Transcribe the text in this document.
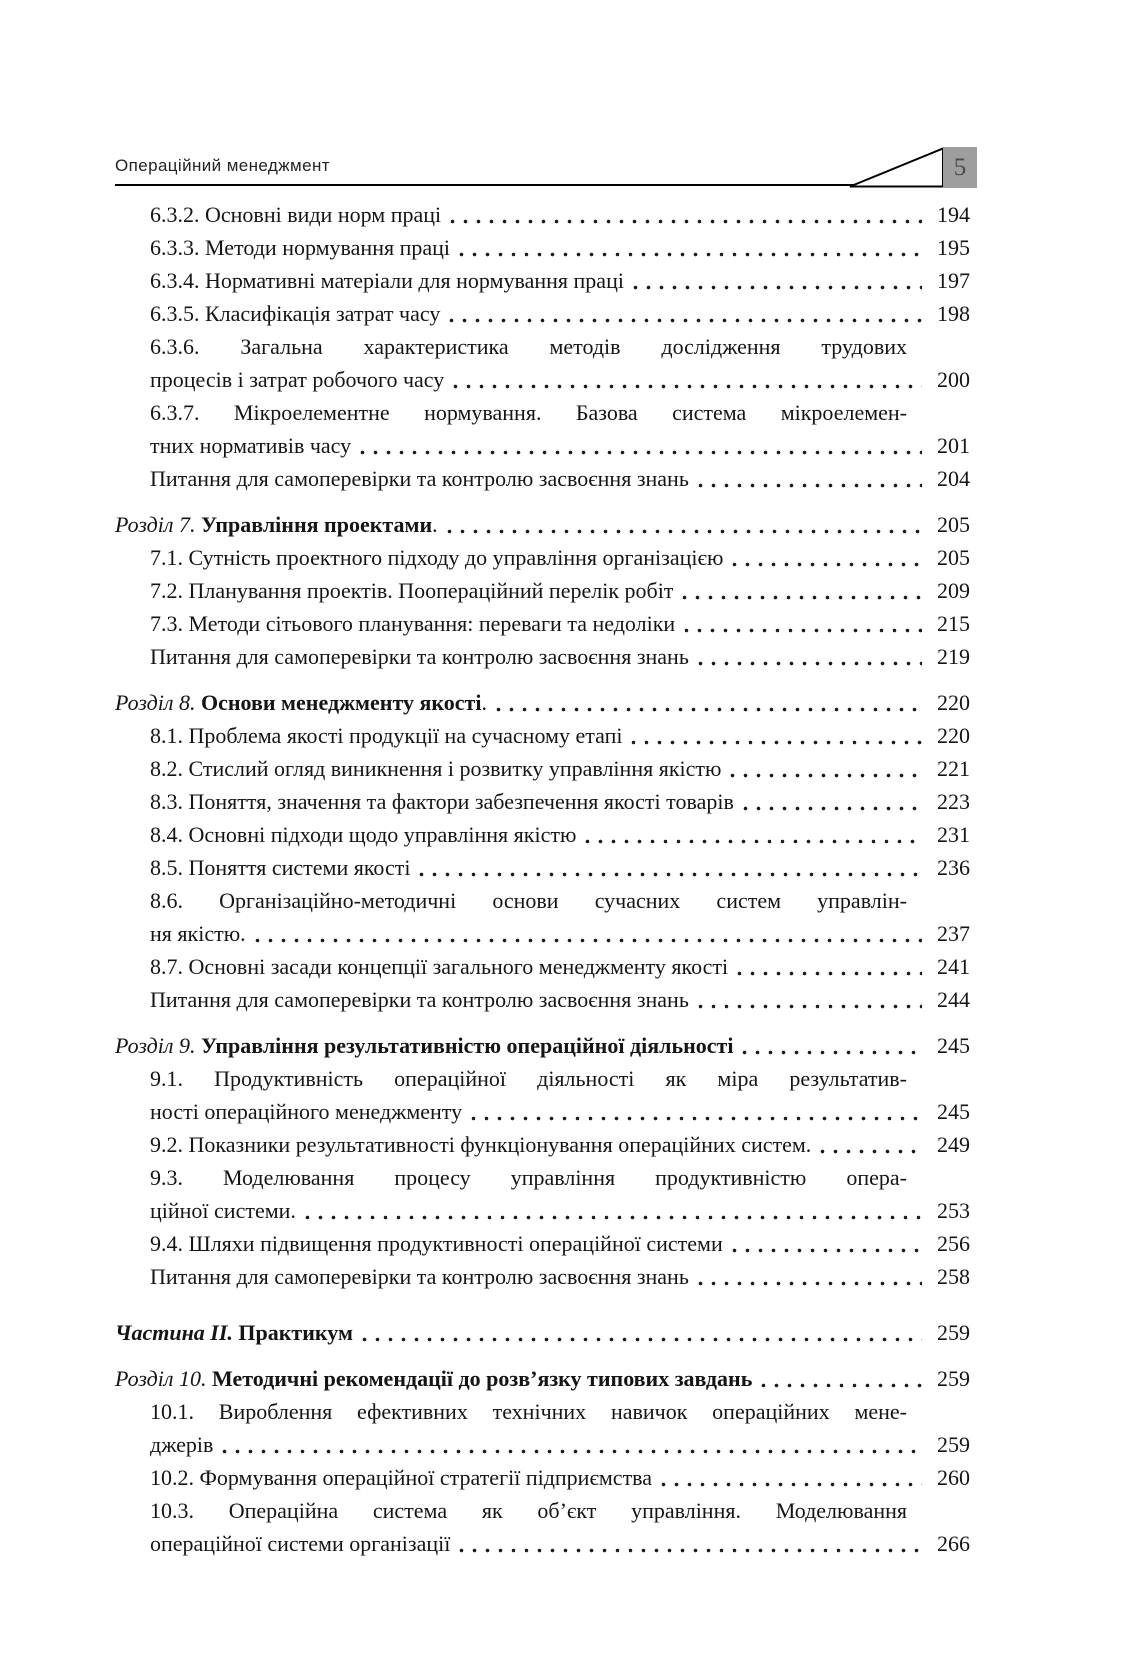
Операційний менеджмент	5
6.3.2. Основні види норм праці	194
6.3.3. Методи нормування праці	195
6.3.4. Нормативні матеріали для нормування праці	197
6.3.5. Класифікація затрат часу	198
6.3.6. Загальна характеристика методів дослідження трудових
процесів і затрат робочого часу	200
6.3.7. Мікроелементне нормування. Базова система мікроелемен-
тних нормативів часу	201
Питання для самоперевірки та контролю засвоєння знань	204
Розділ 7. Управління проектами.	205
7.1. Сутність проектного підходу до управління організацією	205
7.2. Планування проектів. Поопераційний перелік робіт	209
7.3. Методи сітьового планування: переваги та недоліки	215
Питання для самоперевірки та контролю засвоєння знань	219
Розділ 8. Основи менеджменту якості.	220
8.1. Проблема якості продукції на сучасному етапі	220
8.2. Стислий огляд виникнення і розвитку управління якістю	221
8.3. Поняття, значення та фактори забезпечення якості товарів	223
8.4. Основні підходи щодо управління якістю	231
8.5. Поняття системи якості	236
8.6. Організаційно-методичні основи сучасних систем управлін-
ня якістю.	237
8.7. Основні засади концепції загального менеджменту якості	241
Питання для самоперевірки та контролю засвоєння знань	244
Розділ 9. Управління результативністю операційної діяльності	245
9.1. Продуктивність операційної діяльності як міра результатив-
ності операційного менеджменту	245
9.2. Показники результативності функціонування операційних систем.	249
9.3. Моделювання процесу управління продуктивністю опера-
ційної системи.	253
9.4. Шляхи підвищення продуктивності операційної системи	256
Питання для самоперевірки та контролю засвоєння знань	258
Частина II. Практикум	259
Розділ 10. Методичні рекомендації до розв’язку типових завдань	259
10.1. Вироблення ефективних технічних навичок операційних мене-
джерів	259
10.2. Формування операційної стратегії підприємства	260
10.3. Операційна система як об’єкт управління. Моделювання
операційної системи організації	266
